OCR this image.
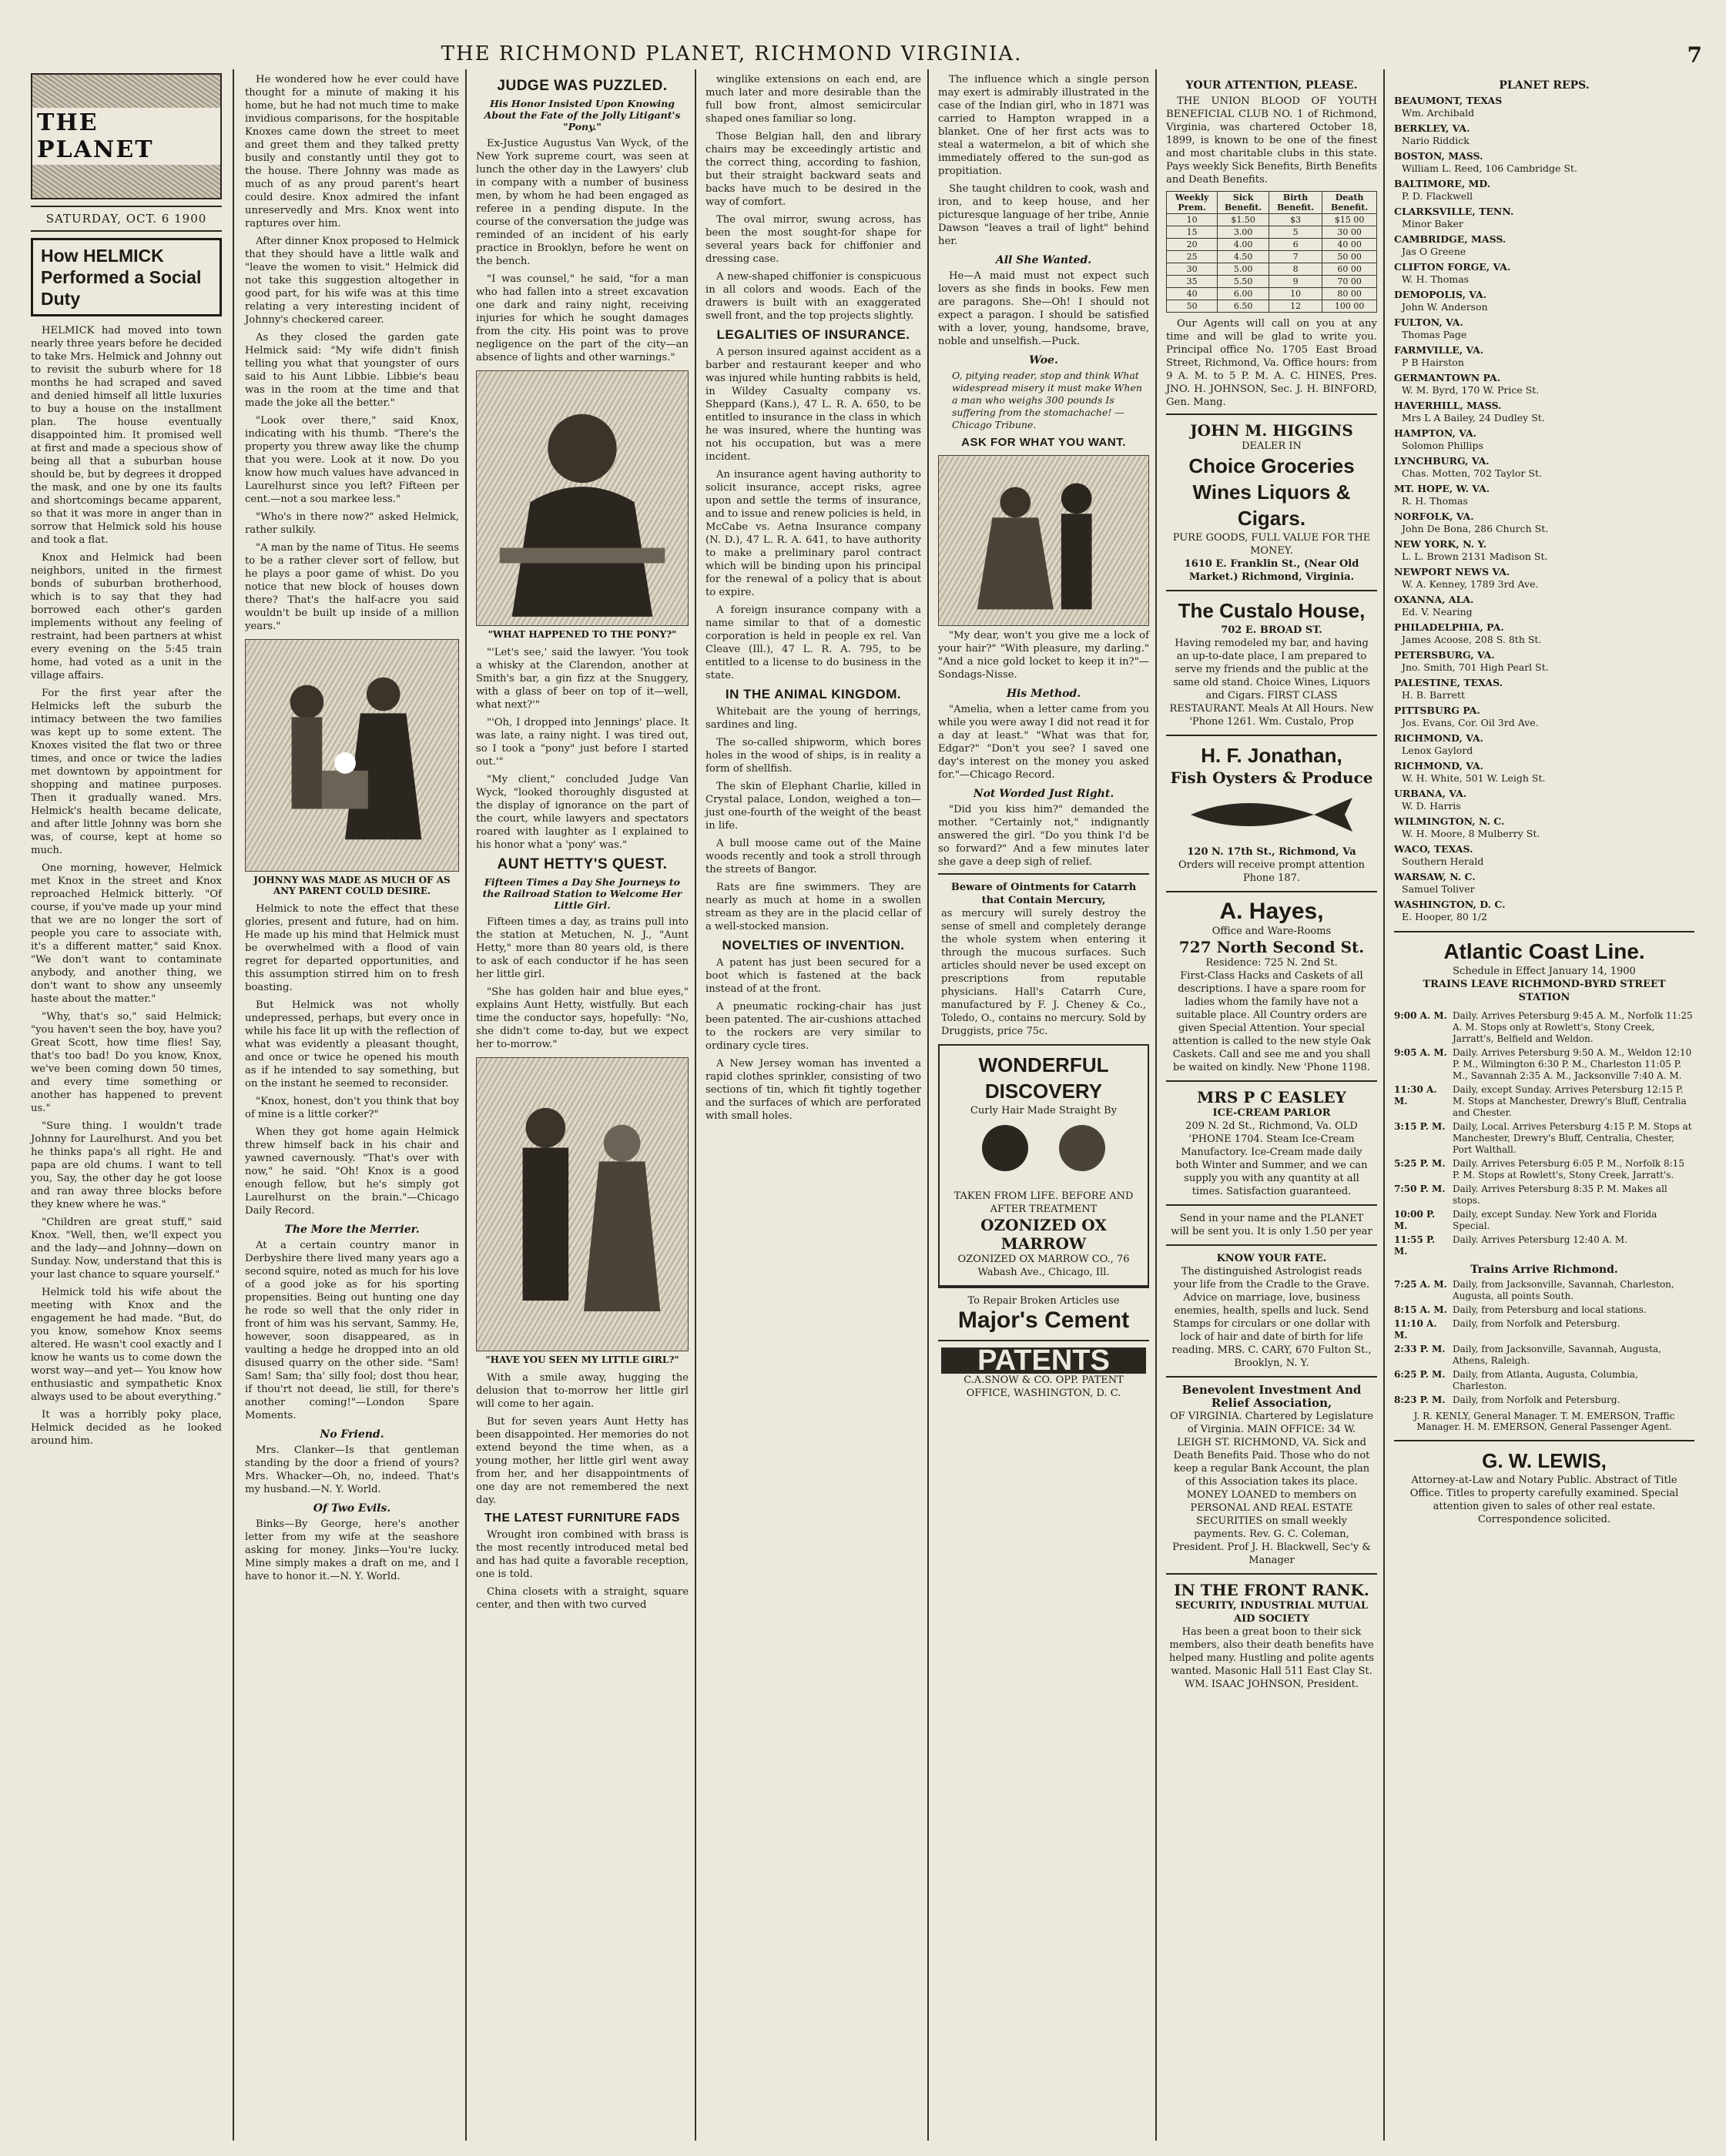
THE RICHMOND PLANET, RICHMOND VIRGINIA.	7
THE PLANET
SATURDAY, OCT. 6 1900
How HELMICK Performed a Social Duty

HELMICK had moved into town nearly three years before he decided to take Mrs. Helmick and Johnny out to revisit the suburb where for 18 months he had scraped and saved and denied himself all little luxuries to buy a house on the installment plan. The house eventually disappointed him. It promised well at first and made a specious show of being all that a suburban house should be, but by degrees it dropped the mask, and one by one its faults and shortcomings became apparent, so that it was more in anger than in sorrow that Helmick sold his house and took a flat.

Knox and Helmick had been neighbors, united in the firmest bonds of suburban brotherhood, which is to say that they had borrowed each other's garden implements without any feeling of restraint, had been partners at whist every evening on the 5:45 train home, had voted as a unit in the village affairs.

For the first year after the Helmicks left the suburb the intimacy between the two families was kept up to some extent. The Knoxes visited the flat two or three times, and once or twice the ladies met downtown by appointment for shopping and matinee purposes. Then it gradually waned. Mrs. Helmick's health became delicate, and after little Johnny was born she was, of course, kept at home so much.

One morning, however, Helmick met Knox in the street and Knox reproached Helmick bitterly. "Of course, if you've made up your mind that we are no longer the sort of people you care to associate with, it's a different matter," said Knox. "We don't want to contaminate anybody, and another thing, we don't want to show any unseemly haste about the matter."

"Why, that's so," said Helmick; "you haven't seen the boy, have you? Great Scott, how time flies! Say, that's too bad! Do you know, Knox, we've been coming down 50 times, and every time something or another has happened to prevent us."

"Sure thing. I wouldn't trade Johnny for Laurelhurst. And you bet he thinks papa's all right. He and papa are old chums. I want to tell you, Say, the other day he got loose and ran away three blocks before they knew where he was."

"Children are great stuff," said Knox. "Well, then, we'll expect you and the lady—and Johnny—down on Sunday. Now, understand that this is your last chance to square yourself."

Helmick told his wife about the meeting with Knox and the engagement he had made. "But, do you know, somehow Knox seems altered. He wasn't cool exactly and I know he wants us to come down the worst way—and yet— You know how enthusiastic and sympathetic Knox always used to be about everything."

It was a horribly poky place, Helmick decided as he looked around him.

He wondered how he ever could have thought for a minute of making it his home, but he had not much time to make invidious comparisons, for the hospitable Knoxes came down the street to meet and greet them and they talked pretty busily and constantly until they got to the house. There Johnny was made as much of as any proud parent's heart could desire. Knox admired the infant unreservedly and Mrs. Knox went into raptures over him.

After dinner Knox proposed to Helmick that they should have a little walk and "leave the women to visit." Helmick did not take this suggestion altogether in good part, for his wife was at this time relating a very interesting incident of Johnny's checkered career.

As they closed the garden gate Helmick said: "My wife didn't finish telling you what that youngster of ours said to his Aunt Libbie. Libbie's beau was in the room at the time and that made the joke all the better."

"Look over there," said Knox, indicating with his thumb. "There's the property you threw away like the chump that you were. Look at it now. Do you know how much values have advanced in Laurelhurst since you left? Fifteen per cent.—not a sou markee less."

"Who's in there now?" asked Helmick, rather sulkily.

"A man by the name of Titus. He seems to be a rather clever sort of fellow, but he plays a poor game of whist. Do you notice that new block of houses down there? That's the half-acre you said wouldn't be built up inside of a million years."

JOHNNY WAS MADE AS MUCH OF AS ANY PARENT COULD DESIRE.

Helmick to note the effect that these glories, present and future, had on him. He made up his mind that Helmick must be overwhelmed with a flood of vain regret for departed opportunities, and this assumption stirred him on to fresh boasting.

But Helmick was not wholly undepressed, perhaps, but every once in while his face lit up with the reflection of what was evidently a pleasant thought, and once or twice he opened his mouth as if he intended to say something, but on the instant he seemed to reconsider.

"Knox, honest, don't you think that boy of mine is a little corker?"

When they got home again Helmick threw himself back in his chair and yawned cavernously. "That's over with now," he said. "Oh! Knox is a good enough fellow, but he's simply got Laurelhurst on the brain."—Chicago Daily Record.

The More the Merrier.

At a certain country manor in Derbyshire there lived many years ago a second squire, noted as much for his love of a good joke as for his sporting propensities. Being out hunting one day he rode so well that the only rider in front of him was his servant, Sammy. He, however, soon disappeared, as in vaulting a hedge he dropped into an old disused quarry on the other side. "Sam! Sam! Sam; tha' silly fool; dost thou hear, if thou'rt not deead, lie still, for there's another coming!"—London Spare Moments.

No Friend.

Mrs. Clanker—Is that gentleman standing by the door a friend of yours? Mrs. Whacker—Oh, no, indeed. That's my husband.—N. Y. World.

Of Two Evils.

Binks—By George, here's another letter from my wife at the seashore asking for money. Jinks—You're lucky. Mine simply makes a draft on me, and I have to honor it.—N. Y. World.

JUDGE WAS PUZZLED.
His Honor Insisted Upon Knowing About the Fate of the Jolly Litigant's "Pony."

Ex-Justice Augustus Van Wyck, of the New York supreme court, was seen at lunch the other day in the Lawyers' club in company with a number of business men, by whom he had been engaged as referee in a pending dispute. In the course of the conversation the judge was reminded of an incident of his early practice in Brooklyn, before he went on the bench.

"I was counsel," he said, "for a man who had fallen into a street excavation one dark and rainy night, receiving injuries for which he sought damages from the city. His point was to prove negligence on the part of the city—an absence of lights and other warnings."

"WHAT HAPPENED TO THE PONY?"

"'Let's see,' said the lawyer. 'You took a whisky at the Clarendon, another at Smith's bar, a gin fizz at the Snuggery, with a glass of beer on top of it—well, what next?'"

"'Oh, I dropped into Jennings' place. It was late, a rainy night. I was tired out, so I took a "pony" just before I started out.'"

"My client," concluded Judge Van Wyck, "looked thoroughly disgusted at the display of ignorance on the part of the court, while lawyers and spectators roared with laughter as I explained to his honor what a 'pony' was."

AUNT HETTY'S QUEST.
Fifteen Times a Day She Journeys to the Railroad Station to Welcome Her Little Girl.

Fifteen times a day, as trains pull into the station at Metuchen, N. J., "Aunt Hetty," more than 80 years old, is there to ask of each conductor if he has seen her little girl.

"She has golden hair and blue eyes," explains Aunt Hetty, wistfully. But each time the conductor says, hopefully: "No, she didn't come to-day, but we expect her to-morrow."

"HAVE YOU SEEN MY LITTLE GIRL?"

With a smile away, hugging the delusion that to-morrow her little girl will come to her again.

But for seven years Aunt Hetty has been disappointed. Her memories do not extend beyond the time when, as a young mother, her little girl went away from her, and her disappointments of one day are not remembered the next day.

THE LATEST FURNITURE FADS

Wrought iron combined with brass is the most recently introduced metal bed and has had quite a favorable reception, one is told.

China closets with a straight, square center, and then with two curved

winglike extensions on each end, are much later and more desirable than the full bow front, almost semicircular shaped ones familiar so long.

Those Belgian hall, den and library chairs may be exceedingly artistic and the correct thing, according to fashion, but their straight backward seats and backs have much to be desired in the way of comfort.

The oval mirror, swung across, has been the most sought-for shape for several years back for chiffonier and dressing case.

A new-shaped chiffonier is conspicuous in all colors and woods. Each of the drawers is built with an exaggerated swell front, and the top projects slightly.

LEGALITIES OF INSURANCE.

A person insured against accident as a barber and restaurant keeper and who was injured while hunting rabbits is held, in Wildey Casualty company vs. Sheppard (Kans.), 47 L. R. A. 650, to be entitled to insurance in the class in which he was insured, where the hunting was not his occupation, but was a mere incident.

An insurance agent having authority to solicit insurance, accept risks, agree upon and settle the terms of insurance, and to issue and renew policies is held, in McCabe vs. Aetna Insurance company (N. D.), 47 L. R. A. 641, to have authority to make a preliminary parol contract which will be binding upon his principal for the renewal of a policy that is about to expire.

A foreign insurance company with a name similar to that of a domestic corporation is held in people ex rel. Van Cleave (Ill.), 47 L. R. A. 795, to be entitled to a license to do business in the state.

IN THE ANIMAL KINGDOM.

Whitebait are the young of herrings, sardines and ling.

The so-called shipworm, which bores holes in the wood of ships, is in reality a form of shellfish.

The skin of Elephant Charlie, killed in Crystal palace, London, weighed a ton—just one-fourth of the weight of the beast in life.

A bull moose came out of the Maine woods recently and took a stroll through the streets of Bangor.

Rats are fine swimmers. They are nearly as much at home in a swollen stream as they are in the placid cellar of a well-stocked mansion.

NOVELTIES OF INVENTION.

A patent has just been secured for a boot which is fastened at the back instead of at the front.

A pneumatic rocking-chair has just been patented. The air-cushions attached to the rockers are very similar to ordinary cycle tires.

A New Jersey woman has invented a rapid clothes sprinkler, consisting of two sections of tin, which fit tightly together and the surfaces of which are perforated with small holes.

The influence which a single person may exert is admirably illustrated in the case of the Indian girl, who in 1871 was carried to Hampton wrapped in a blanket. One of her first acts was to steal a watermelon, a bit of which she immediately offered to the sun-god as propitiation.

She taught children to cook, wash and iron, and to keep house, and her picturesque language of her tribe, Annie Dawson "leaves a trail of light" behind her.

All She Wanted.

He—A maid must not expect such lovers as she finds in books. Few men are paragons. She—Oh! I should not expect a paragon. I should be satisfied with a lover, young, handsome, brave, noble and unselfish.—Puck.

Woe.
O, pitying reader, stop and think What widespread misery it must make When a man who weighs 300 pounds Is suffering from the stomachache! —Chicago Tribune.
ASK FOR WHAT YOU WANT.

"My dear, won't you give me a lock of your hair?" "With pleasure, my darling." "And a nice gold locket to keep it in?"—Sondags-Nisse.

His Method.

"Amelia, when a letter came from you while you were away I did not read it for a day at least." "What was that for, Edgar?" "Don't you see? I saved one day's interest on the money you asked for."—Chicago Record.

Not Worded Just Right.

"Did you kiss him?" demanded the mother. "Certainly not," indignantly answered the girl. "Do you think I'd be so forward?" And a few minutes later she gave a deep sigh of relief.

Beware of Ointments for Catarrh that Contain Mercury,
as mercury will surely destroy the sense of smell and completely derange the whole system when entering it through the mucous surfaces. Such articles should never be used except on prescriptions from reputable physicians. Hall's Catarrh Cure, manufactured by F. J. Cheney & Co., Toledo, O., contains no mercury. Sold by Druggists, price 75c.
WONDERFUL DISCOVERY
Curly Hair Made Straight By
TAKEN FROM LIFE. BEFORE AND AFTER TREATMENT
OZONIZED OX MARROW
OZONIZED OX MARROW CO., 76 Wabash Ave., Chicago, Ill.
To Repair Broken Articles use
Major's Cement
PATENTS
C.A.SNOW & CO. OPP. PATENT OFFICE, WASHINGTON, D. C.
YOUR ATTENTION, PLEASE.

THE UNION BLOOD OF YOUTH BENEFICIAL CLUB NO. 1 of Richmond, Virginia, was chartered October 18, 1899, is known to be one of the finest and most charitable clubs in this state. Pays weekly Sick Benefits, Birth Benefits and Death Benefits.

Weekly Prem.	Sick Benefit.	Birth Benefit.	Death Benefit.
10	$1.50	$3	$15 00
15	3.00	5	30 00
20	4.00	6	40 00
25	4.50	7	50 00
30	5.00	8	60 00
35	5.50	9	70 00
40	6.00	10	80 00
50	6.50	12	100 00

Our Agents will call on you at any time and will be glad to write you. Principal office No. 1705 East Broad Street, Richmond, Va. Office hours: from 9 A. M. to 5 P. M. A. C. HINES, Pres. JNO. H. JOHNSON, Sec. J. H. BINFORD, Gen. Mang.

JOHN M. HIGGINS
DEALER IN
Choice Groceries Wines Liquors & Cigars.
PURE GOODS, FULL VALUE FOR THE MONEY.
1610 E. Franklin St., (Near Old Market.) Richmond, Virginia.
The Custalo House,
702 E. BROAD ST.
Having remodeled my bar, and having an up-to-date place, I am prepared to serve my friends and the public at the same old stand. Choice Wines, Liquors and Cigars. FIRST CLASS RESTAURANT. Meals At All Hours. New 'Phone 1261. Wm. Custalo, Prop
H. F. Jonathan,
Fish Oysters & Produce
120 N. 17th St., Richmond, Va
Orders will receive prompt attention Phone 187.
A. Hayes,
Office and Ware-Rooms
727 North Second St.
Residence: 725 N. 2nd St.
First-Class Hacks and Caskets of all descriptions. I have a spare room for ladies whom the family have not a suitable place. All Country orders are given Special Attention. Your special attention is called to the new style Oak Caskets. Call and see me and you shall be waited on kindly. New 'Phone 1198.
MRS P C EASLEY
ICE-CREAM PARLOR
209 N. 2d St., Richmond, Va. OLD 'PHONE 1704. Steam Ice-Cream Manufactory. Ice-Cream made daily both Winter and Summer, and we can supply you with any quantity at all times. Satisfaction guaranteed.
Send in your name and the PLANET will be sent you. It is only 1.50 per year
KNOW YOUR FATE.
The distinguished Astrologist reads your life from the Cradle to the Grave. Advice on marriage, love, business enemies, health, spells and luck. Send Stamps for circulars or one dollar with lock of hair and date of birth for life reading. MRS. C. CARY, 670 Fulton St., Brooklyn, N. Y.
Benevolent Investment And Relief Association,
OF VIRGINIA. Chartered by Legislature of Virginia. MAIN OFFICE: 34 W. LEIGH ST. RICHMOND, VA. Sick and Death Benefits Paid. Those who do not keep a regular Bank Account, the plan of this Association takes its place. MONEY LOANED to members on PERSONAL AND REAL ESTATE SECURITIES on small weekly payments. Rev. G. C. Coleman, President. Prof J. H. Blackwell, Sec'y & Manager
IN THE FRONT RANK.
SECURITY, INDUSTRIAL MUTUAL AID SOCIETY
Has been a great boon to their sick members, also their death benefits have helped many. Hustling and polite agents wanted. Masonic Hall 511 East Clay St. WM. ISAAC JOHNSON, President.
PLANET REPS.
BEAUMONT, TEXAS
Wm. Archibald
BERKLEY, VA.
Nario Riddick
BOSTON, MASS.
William L. Reed, 106 Cambridge St.
BALTIMORE, MD.
P. D. Flackwell
CLARKSVILLE, TENN.
Minor Baker
CAMBRIDGE, MASS.
Jas O Greene
CLIFTON FORGE, VA.
W. H. Thomas
DEMOPOLIS, VA.
John W. Anderson
FULTON, VA.
Thomas Page
FARMVILLE, VA.
P B Hairston
GERMANTOWN PA.
W. M. Byrd, 170 W. Price St.
HAVERHILL, MASS.
Mrs L A Bailey, 24 Dudley St.
HAMPTON, VA.
Solomon Phillips
LYNCHBURG, VA.
Chas. Motten, 702 Taylor St.
MT. HOPE, W. VA.
R. H. Thomas
NORFOLK, VA.
John De Bona, 286 Church St.
NEW YORK, N. Y.
L. L. Brown 2131 Madison St.
NEWPORT NEWS VA.
W. A. Kenney, 1789 3rd Ave.
OXANNA, ALA.
Ed. V. Nearing
PHILADELPHIA, PA.
James Acoose, 208 S. 8th St.
PETERSBURG, VA.
Jno. Smith, 701 High Pearl St.
PALESTINE, TEXAS.
H. B. Barrett
PITTSBURG PA.
Jos. Evans, Cor. Oil 3rd Ave.
RICHMOND, VA.
Lenox Gaylord
RICHMOND, VA.
W. H. White, 501 W. Leigh St.
URBANA, VA.
W. D. Harris
WILMINGTON, N. C.
W. H. Moore, 8 Mulberry St.
WACO, TEXAS.
Southern Herald
WARSAW, N. C.
Samuel Toliver
WASHINGTON, D. C.
E. Hooper, 80 1/2
Atlantic Coast Line.
Schedule in Effect January 14, 1900
TRAINS LEAVE RICHMOND-BYRD STREET STATION
9:00 A. M. Daily. Arrives Petersburg 9:45 A. M., Norfolk 11:25 A. M. Stops only at Rowlett's, Stony Creek, Jarratt's, Belfield and Weldon.
9:05 A. M. Daily. Arrives Petersburg 9:50 A. M., Weldon 12:10 P. M., Wilmington 6:30 P. M., Charleston 11:05 P. M., Savannah 2:35 A. M., Jacksonville 7:40 A. M.
11:30 A. M.
Daily, except Sunday. Arrives Petersburg 12:15 P. M. Stops at Manchester, Drewry's Bluff, Centralia and Chester.
3:15 P. M. Daily, Local. Arrives Petersburg 4:15 P. M. Stops at Manchester, Drewry's Bluff, Centralia, Chester, Port Walthall.
5:25 P. M. Daily. Arrives Petersburg 6:05 P. M., Norfolk 8:15 P. M. Stops at Rowlett's, Stony Creek, Jarratt's.
7:50 P. M. Daily. Arrives Petersburg 8:35 P. M. Makes all stops.
10:00 P. M.
Daily, except Sunday. New York and Florida Special.
11:55 P. M.
Daily. Arrives Petersburg 12:40 A. M.
Trains Arrive Richmond.
7:25 A. M. Daily, from Jacksonville, Savannah, Charleston, Augusta, all points South.
8:15 A. M. Daily, from Petersburg and local stations.
11:10 A. M.
Daily, from Norfolk and Petersburg.
2:33 P. M. Daily, from Jacksonville, Savannah, Augusta, Athens, Raleigh.
6:25 P. M. Daily, from Atlanta, Augusta, Columbia, Charleston.
8:23 P. M. Daily, from Norfolk and Petersburg.
J. R. KENLY, General Manager. T. M. EMERSON, Traffic Manager. H. M. EMERSON, General Passenger Agent.
G. W. LEWIS,
Attorney-at-Law and Notary Public. Abstract of Title Office. Titles to property carefully examined. Special attention given to sales of other real estate. Correspondence solicited.
